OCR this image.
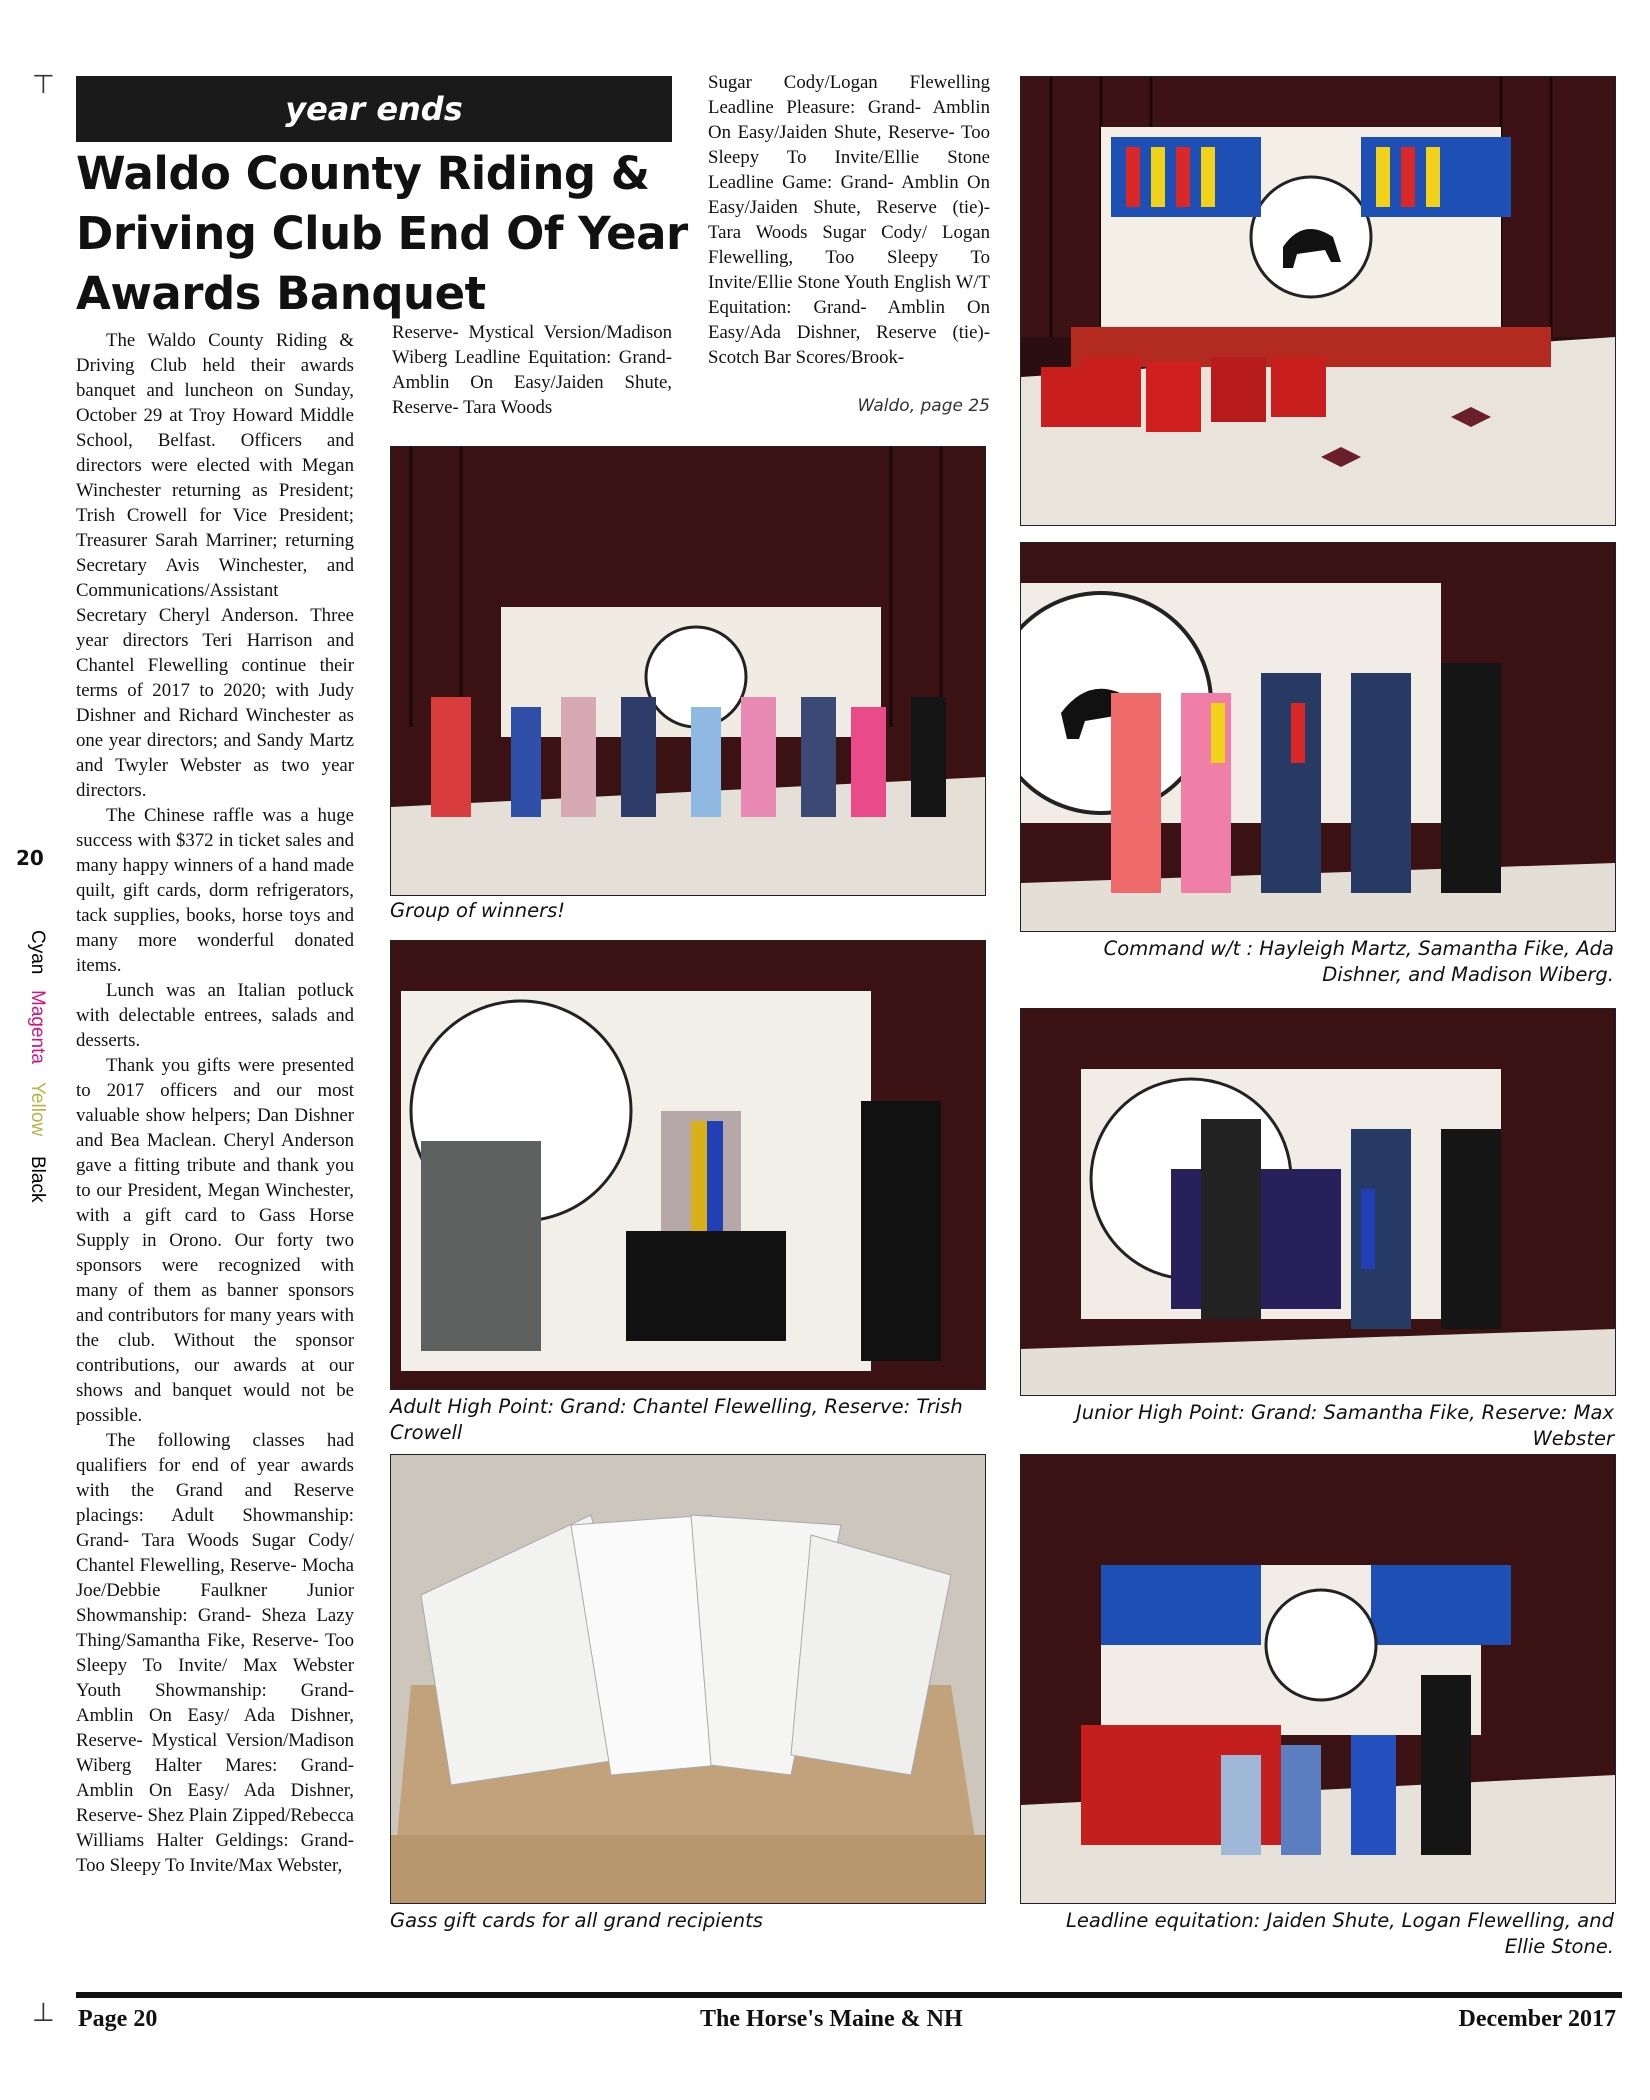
⊤
⊥
year ends
Waldo County Riding & Driving Club End Of Year Awards Banquet

The Waldo County Riding & Driving Club held their awards banquet and luncheon on Sunday, October 29 at Troy Howard Middle School, Belfast. Officers and directors were elected with Megan Winchester returning as President; Trish Crowell for Vice President; Treasurer Sarah Marriner; returning Secretary Avis Winchester, and Communications/Assistant Secretary Cheryl Anderson. Three year directors Teri Harrison and Chantel Flewelling continue their terms of 2017 to 2020; with Judy Dishner and Richard Winchester as one year directors; and Sandy Martz and Twyler Webster as two year directors.

The Chinese raffle was a huge success with $372 in ticket sales and many happy winners of a hand made quilt, gift cards, dorm refrigerators, tack supplies, books, horse toys and many more wonderful donated items.

Lunch was an Italian potluck with delectable entrees, salads and desserts.

Thank you gifts were presented to 2017 officers and our most valuable show helpers; Dan Dishner and Bea Maclean. Cheryl Anderson gave a fitting tribute and thank you to our President, Megan Winchester, with a gift card to Gass Horse Supply in Orono. Our forty two sponsors were recognized with many of them as banner sponsors and contributors for many years with the club. Without the sponsor contributions, our awards at our shows and banquet would not be possible.

The following classes had qualifiers for end of year awards with the Grand and Reserve placings: Adult Showmanship: Grand- Tara Woods Sugar Cody/ Chantel Flewelling, Reserve- Mocha Joe/Debbie Faulkner Junior Showmanship: Grand- Sheza Lazy Thing/Samantha Fike, Reserve- Too Sleepy To Invite/ Max Webster Youth Showmanship: Grand- Amblin On Easy/ Ada Dishner, Reserve- Mystical Version/Madison Wiberg Halter Mares: Grand- Amblin On Easy/ Ada Dishner, Reserve- Shez Plain Zipped/Rebecca Williams Halter Geldings: Grand- Too Sleepy To Invite/Max Webster,

Reserve- Mystical Version/Madison Wiberg Leadline Equitation: Grand- Amblin On Easy/Jaiden Shute, Reserve- Tara Woods

Sugar Cody/Logan Flewelling Leadline Pleasure: Grand- Amblin On Easy/Jaiden Shute, Reserve- Too Sleepy To Invite/Ellie Stone Leadline Game: Grand- Amblin On Easy/Jaiden Shute, Reserve (tie)- Tara Woods Sugar Cody/ Logan Flewelling, Too Sleepy To Invite/Ellie Stone Youth English W/T Equitation: Grand- Amblin On Easy/Ada Dishner, Reserve (tie)- Scotch Bar Scores/Brook-

Waldo, page 25
Group of winners!
Command w/t : Hayleigh Martz, Samantha Fike, Ada Dishner, and Madison Wiberg.
Adult High Point: Grand: Chantel Flewelling, Reserve: Trish Crowell
Junior High Point: Grand: Samantha Fike, Reserve: Max Webster
Gass gift cards for all grand recipients	Leadline equitation: Jaiden Shute, Logan Flewelling, and Ellie Stone.
20
Cyan
Magenta
Yellow
Black
Page 20	The Horse's Maine & NH	December 2017
